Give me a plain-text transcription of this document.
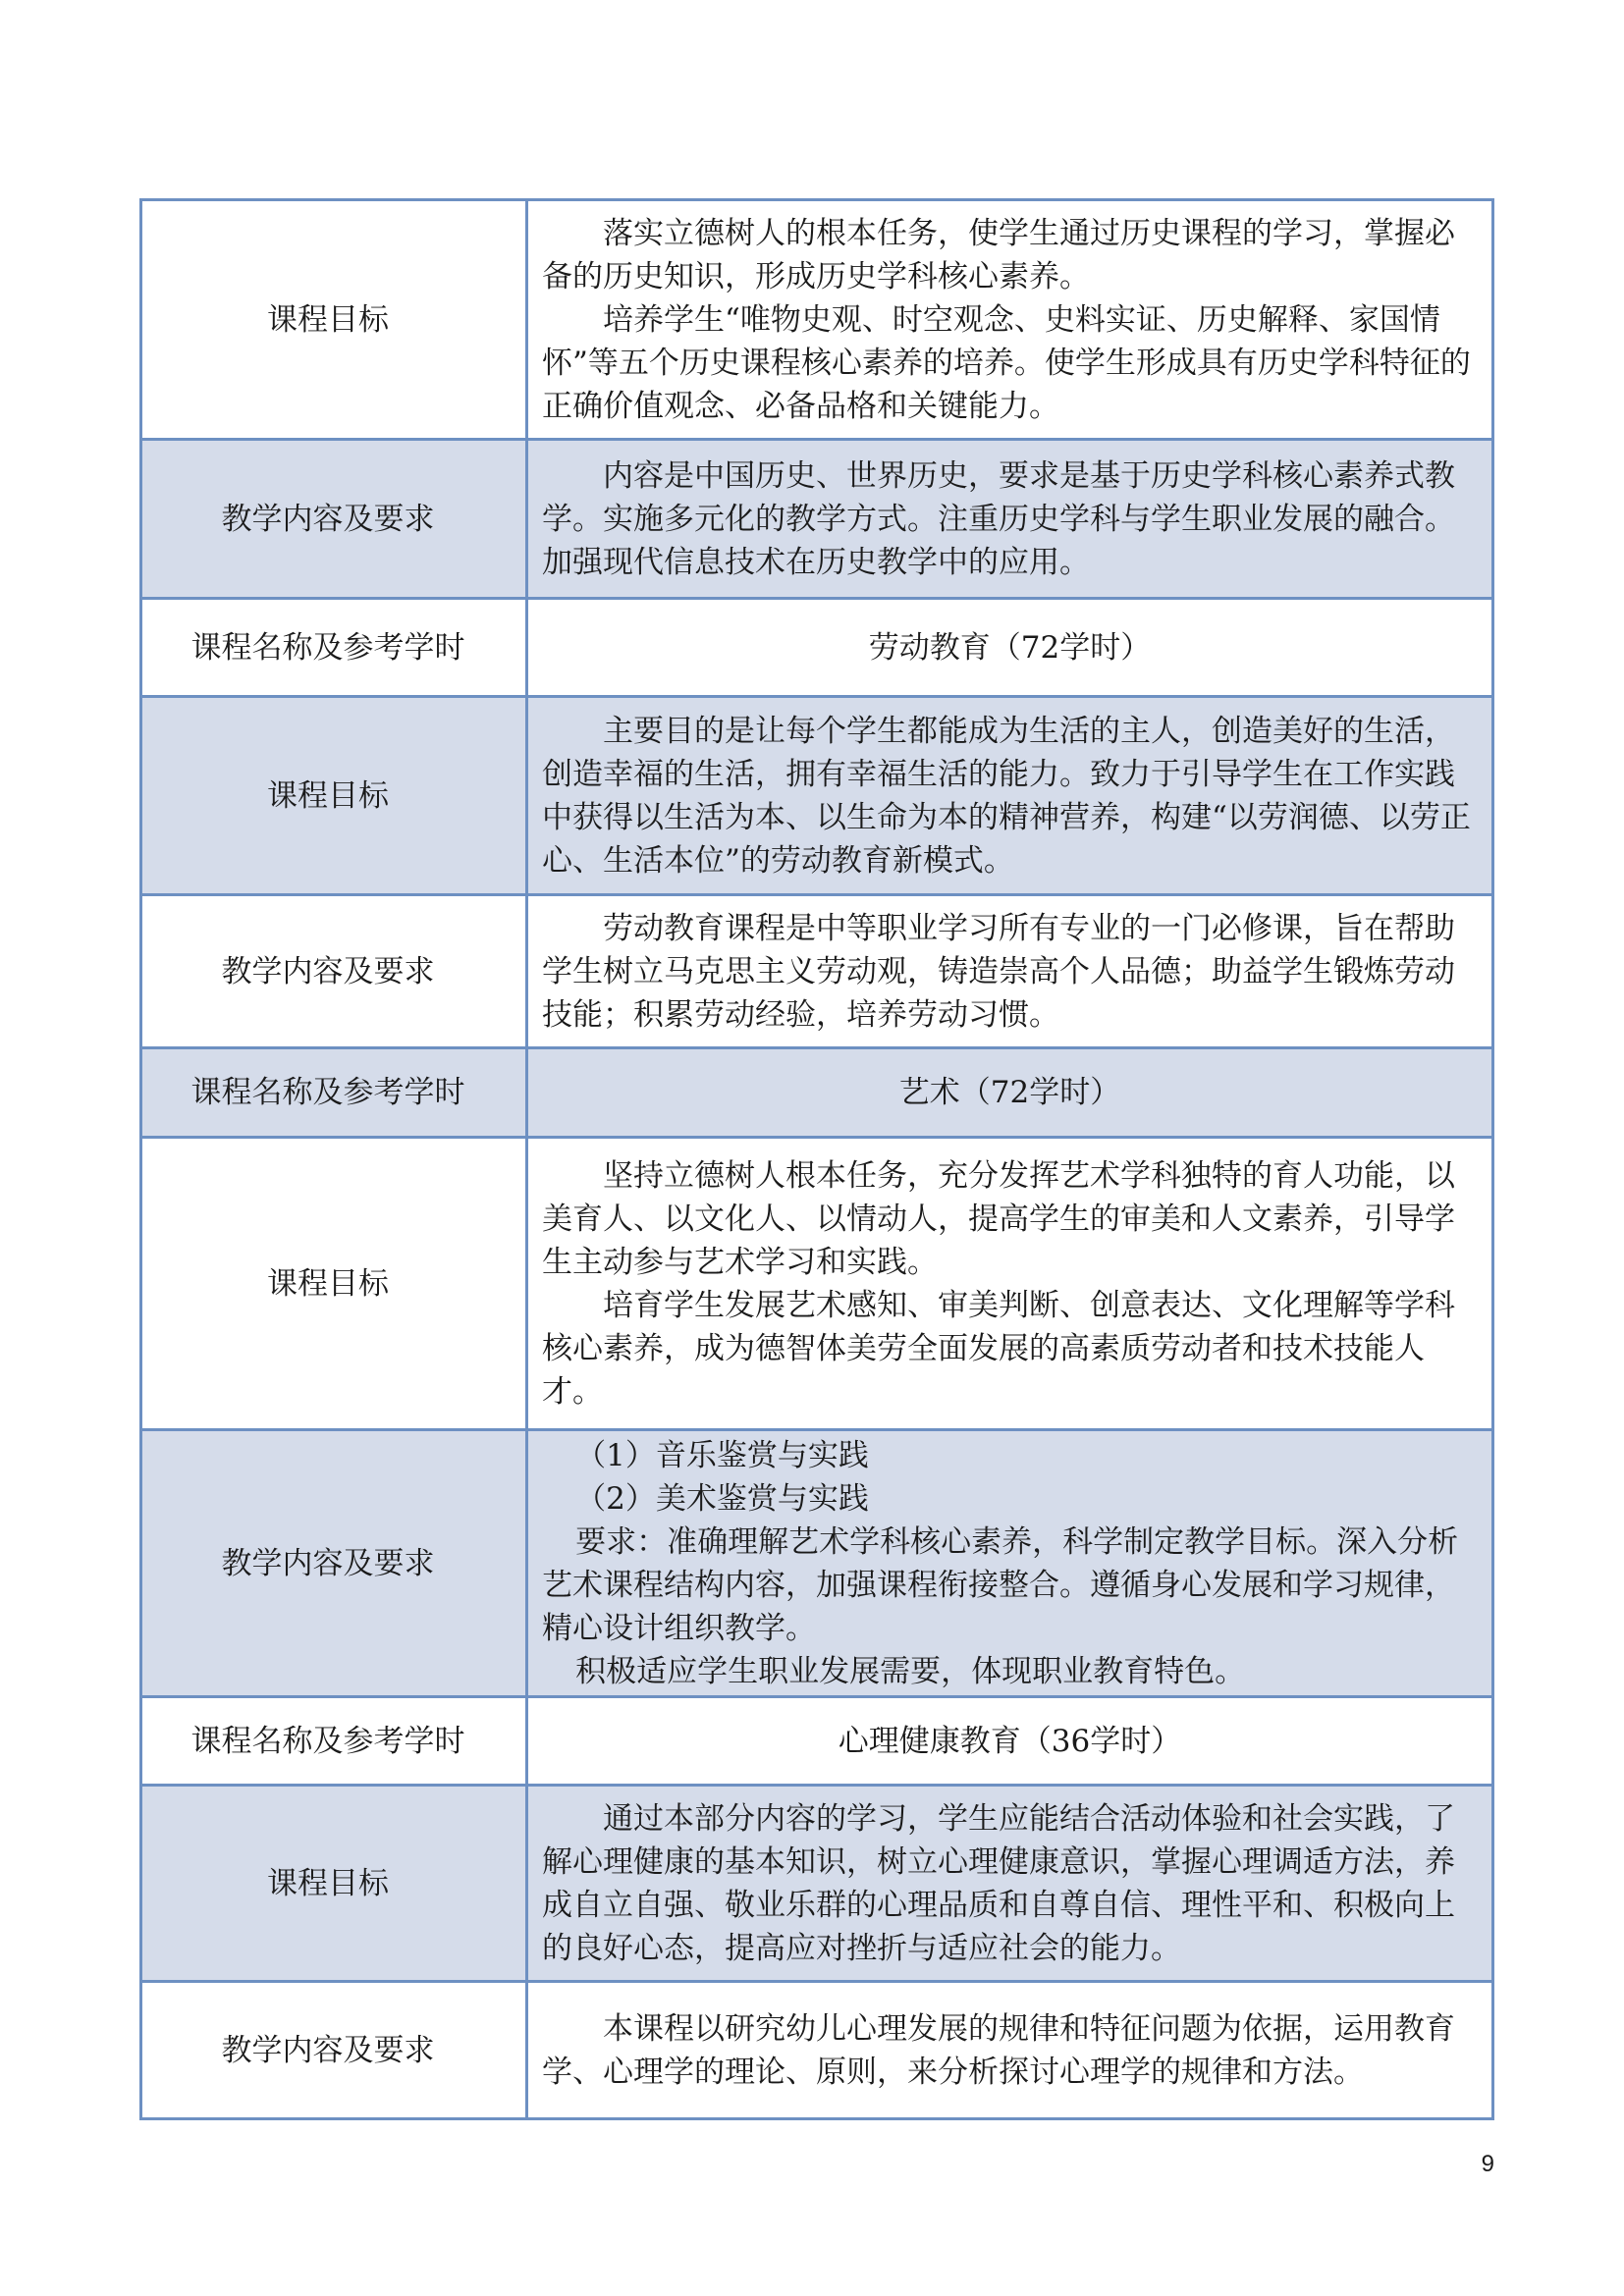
课程目标	落实立德树人的根本任务，使学生通过历史课程的学习，掌握必备的历史知识，形成历史学科核心素养。

培养学生“唯物史观、时空观念、史料实证、历史解释、家国情怀”等五个历史课程核心素养的培养。使学生形成具有历史学科特征的正确价值观念、必备品格和关键能力。

教学内容及要求	内容是中国历史、世界历史，要求是基于历史学科核心素养式教学。实施多元化的教学方式。注重历史学科与学生职业发展的融合。加强现代信息技术在历史教学中的应用。

课程名称及参考学时	劳动教育（72学时）
课程目标	主要目的是让每个学生都能成为生活的主人，创造美好的生活，创造幸福的生活，拥有幸福生活的能力。致力于引导学生在工作实践中获得以生活为本、以生命为本的精神营养，构建“以劳润德、以劳正心、生活本位”的劳动教育新模式。

教学内容及要求	劳动教育课程是中等职业学习所有专业的一门必修课，旨在帮助学生树立马克思主义劳动观，铸造崇高个人品德；助益学生锻炼劳动技能；积累劳动经验，培养劳动习惯。

课程名称及参考学时	艺术（72学时）
课程目标	坚持立德树人根本任务，充分发挥艺术学科独特的育人功能，以美育人、以文化人、以情动人，提高学生的审美和人文素养，引导学生主动参与艺术学习和实践。

培育学生发展艺术感知、审美判断、创意表达、文化理解等学科核心素养，成为德智体美劳全面发展的高素质劳动者和技术技能人才。

教学内容及要求	（1）音乐鉴赏与实践

（2）美术鉴赏与实践

要求：准确理解艺术学科核心素养，科学制定教学目标。深入分析艺术课程结构内容，加强课程衔接整合。遵循身心发展和学习规律，精心设计组织教学。

积极适应学生职业发展需要，体现职业教育特色。

课程名称及参考学时	心理健康教育（36学时）
课程目标	通过本部分内容的学习，学生应能结合活动体验和社会实践，了解心理健康的基本知识，树立心理健康意识，掌握心理调适方法，养成自立自强、敬业乐群的心理品质和自尊自信、理性平和、积极向上的良好心态，提高应对挫折与适应社会的能力。

教学内容及要求	本课程以研究幼儿心理发展的规律和特征问题为依据，运用教育学、心理学的理论、原则，来分析探讨心理学的规律和方法。

9
